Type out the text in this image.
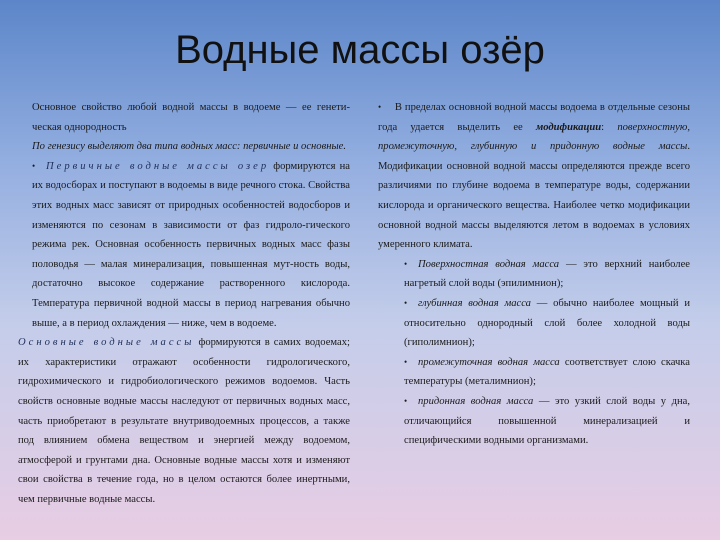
Водные массы озёр

Основное свойство любой водной массы в водоеме — ее генети-ческая однородность

По генезису выделяют два типа водных масс: первичные и основные.

• Первичные водные массы озер формируются на их водосборах и поступают в водоемы в виде речного стока. Свойства этих водных масс зависят от природных особенностей водосборов и изменяются по сезонам в зависимости от фаз гидроло-гического режима рек. Основная особенность первичных водных масс фазы половодья — малая минерализация, повышенная мут-ность воды, достаточно высокое содержание растворенного кислорода. Температура первичной водной массы в период нагревания обычно выше, а в период охлаждения — ниже, чем в водоеме.

Основные водные массы формируются в самих водоемах; их характеристики отражают особенности гидрологического, гидрохимического и гидробиологического режимов водоемов. Часть свойств основные водные массы наследуют от первичных водных масс, часть приобретают в результате внутриводоемных процессов, а также под влиянием обмена веществом и энергией между водоемом, атмосферой и грунтами дна. Основные водные массы хотя и изменяют свои свойства в течение года, но в целом остаются более инертными, чем первичные водные массы.

• В пределах основной водной массы водоема в отдельные сезоны года удается выделить ее модификации: поверхностную, промежуточную, глубинную и придонную водные массы. Модификации основной водной массы определяются прежде всего различиями по глубине водоема в температуре воды, содержании кислорода и органического вещества. Наиболее четко модификации основной водной массы выделяются летом в водоемах в условиях умеренного климата.

• Поверхностная водная масса — это верхний наиболее нагретый слой воды (эпилимнион);

• глубинная водная масса — обычно наиболее мощный и относительно однородный слой более холодной воды (гиполимнион);

• промежуточная водная масса соответствует слою скачка температуры (металимнион);

• придонная водная масса — это узкий слой воды у дна, отличающийся повышенной минерализацией и специфическими водными организмами.
